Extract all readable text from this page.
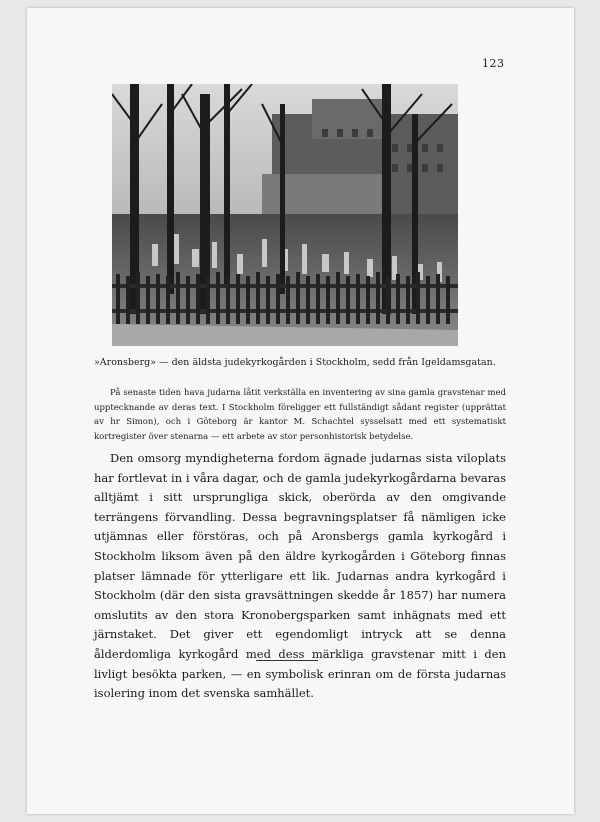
123
»Aronsberg» — den äldsta judekyrkogården i Stockholm, sedd från Igeldamsgatan.

På senaste tiden hava judarna låtit verkställa en inventering av sina gamla gravstenar med upptecknande av deras text. I Stockholm föreligger ett fullständigt sådant register (upprättat av hr Simon), och i Göteborg är kantor M. Schachtel sysselsatt med ett systematiskt kortregister över stenarna — ett arbete av stor personhistorisk betydelse.

Den omsorg myndigheterna fordom ägnade judarnas sista viloplats har fortlevat in i våra dagar, och de gamla judekyrkogårdarna bevaras alltjämt i sitt ursprungliga skick, oberörda av den omgivande terrängens förvandling. Dessa begravningsplatser få nämligen icke utjämnas eller förstöras, och på Aronsbergs gamla kyrkogård i Stockholm liksom även på den äldre kyrkogården i Göteborg finnas platser lämnade för ytterligare ett lik. Judarnas andra kyrkogård i Stockholm (där den sista gravsättningen skedde år 1857) har numera omslutits av den stora Kronobergsparken samt inhägnats med ett järnstaket. Det giver ett egendomligt intryck att se denna ålderdomliga kyrkogård med dess märkliga gravstenar mitt i den livligt besökta parken, — en symbolisk erinran om de första judarnas isolering inom det svenska samhället.
